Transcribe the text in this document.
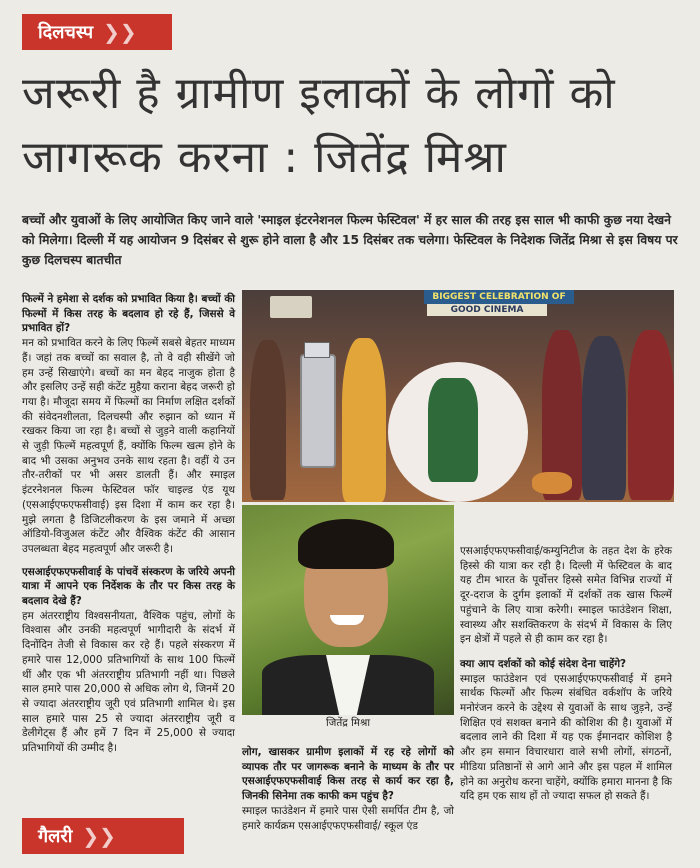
दिलचस्प ❯❯
जरूरी है ग्रामीण इलाकों के लोगों को जागरूक करना : जितेंद्र मिश्रा
बच्चों और युवाओं के लिए आयोजित किए जाने वाले 'स्माइल इंटरनेशनल फिल्म फेस्टिवल' में हर साल की तरह इस साल भी काफी कुछ नया देखने को मिलेगा। दिल्ली में यह आयोजन 9 दिसंबर से शुरू होने वाला है और 15 दिसंबर तक चलेगा। फेस्टिवल के निदेशक जितेंद्र मिश्रा से इस विषय पर कुछ दिलचस्प बातचीत
फिल्में ने हमेशा से दर्शक को प्रभावित किया है। बच्चों की फिल्मों में किस तरह के बदलाव हो रहे हैं, जिससे वे प्रभावित हों?
मन को प्रभावित करने के लिए फिल्में सबसे बेहतर माध्यम हैं। जहां तक बच्चों का सवाल है, तो वे वही सीखेंगे जो हम उन्हें सिखाएंगे। बच्चों का मन बेहद नाजुक होता है और इसलिए उन्हें सही कंटेंट मुहैया कराना बेहद जरूरी हो गया है। मौजूदा समय में फिल्मों का निर्माण लक्षित दर्शकों की संवेदनशीलता, दिलचस्पी और रुझान को ध्यान में रखकर किया जा रहा है। बच्चों से जुड़ने वाली कहानियों से जुड़ी फिल्में महत्वपूर्ण हैं, क्योंकि फिल्म खत्म होने के बाद भी उसका अनुभव उनके साथ रहता है। वहीं ये उन तौर-तरीकों पर भी असर डालती हैं। और स्माइल इंटरनेशनल फिल्म फेस्टिवल फॉर चाइल्ड एंड यूथ (एसआईएफएफसीवाई) इस दिशा में काम कर रहा है। मुझे लगता है डिजिटलीकरण के इस जमाने में अच्छा ऑडियो-विजुअल कंटेंट और वैश्विक कंटेंट की आसान उपलब्धता बेहद महत्वपूर्ण और जरूरी है।
एसआईएफएफसीवाई के पांचवें संस्करण के जरिये अपनी यात्रा में आपने एक निर्देशक के तौर पर किस तरह के बदलाव देखे हैं?
हम अंतरराष्ट्रीय विश्वसनीयता, वैश्विक पहुंच, लोगों के विश्वास और उनकी महत्वपूर्ण भागीदारी के संदर्भ में दिनोंदिन तेजी से विकास कर रहे हैं। पहले संस्करण में हमारे पास 12,000 प्रतिभागियों के साथ 100 फिल्में थीं और एक भी अंतरराष्ट्रीय प्रतिभागी नहीं था। पिछले साल हमारे पास 20,000 से अधिक लोग थे, जिनमें 20 से ज्यादा अंतरराष्ट्रीय जूरी एवं प्रतिभागी शामिल थे। इस साल हमारे पास 25 से ज्यादा अंतरराष्ट्रीय जूरी व डेलीगेट्स हैं और हमें 7 दिन में 25,000 से ज्यादा प्रतिभागियों की उम्मीद है।
BIGGEST CELEBRATION OF
GOOD CINEMA
जितेंद्र मिश्रा
लोग, खासकर ग्रामीण इलाकों में रह रहे लोगों को व्यापक तौर पर जागरूक बनाने के माध्यम के तौर पर एसआईएफएफसीवाई किस तरह से कार्य कर रहा है, जिनकी सिनेमा तक काफी कम पहुंच है?
स्माइल फाउंडेशन में हमारे पास ऐसी समर्पित टीम है, जो हमारे कार्यक्रम एसआईएफएफसीवाई/ स्कूल एंड
एसआईएफएफसीवाई/कम्युनिटीज के तहत देश के हरेक हिस्से की यात्रा कर रही है। दिल्ली में फेस्टिवल के बाद यह टीम भारत के पूर्वोत्तर हिस्से समेत विभिन्न राज्यों में दूर-दराज के दुर्गम इलाकों में दर्शकों तक खास फिल्में पहुंचाने के लिए यात्रा करेगी। स्माइल फाउंडेशन शिक्षा, स्वास्थ्य और सशक्तिकरण के संदर्भ में विकास के लिए इन क्षेत्रों में पहले से ही काम कर रहा है।
क्या आप दर्शकों को कोई संदेश देना चाहेंगे?
स्माइल फाउंडेशन एवं एसआईएफएफसीवाई में हमने सार्थक फिल्मों और फिल्म संबंधित वर्कशॉप के जरिये मनोरंजन करने के उद्देश्य से युवाओं के साथ जुड़ने, उन्हें शिक्षित एवं सशक्त बनाने की कोशिश की है। युवाओं में बदलाव लाने की दिशा में यह एक ईमानदार कोशिश है और हम समान विचारधारा वाले सभी लोगों, संगठनों, मीडिया प्रतिष्ठानों से आगे आने और इस पहल में शामिल होने का अनुरोध करना चाहेंगे, क्योंकि हमारा मानना है कि यदि हम एक साथ हों तो ज्यादा सफल हो सकते हैं।
गैलरी ❯❯
